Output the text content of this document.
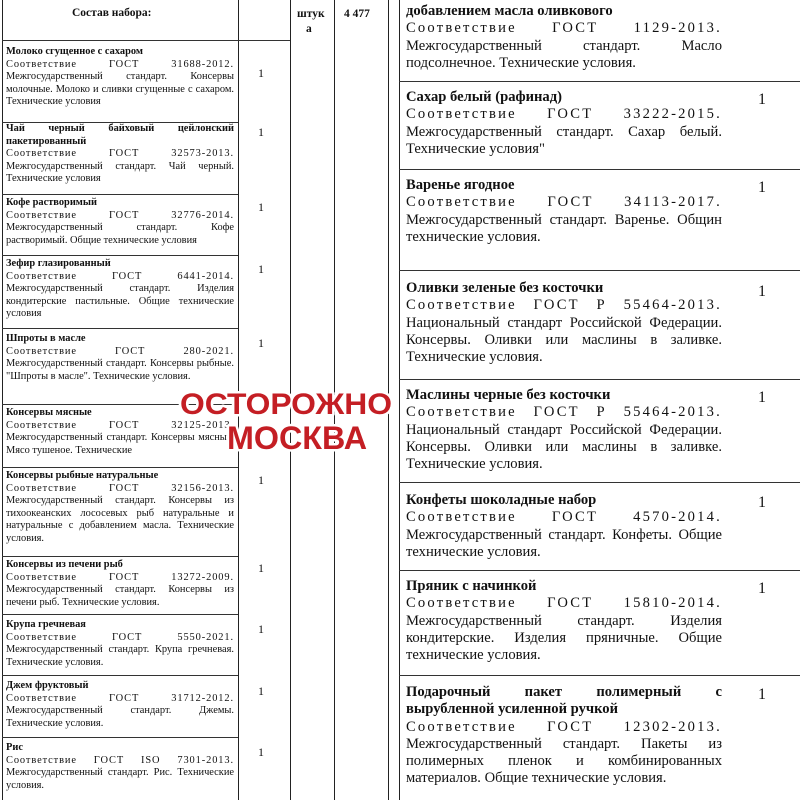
Состав набора:	штук
а
4 477
Молоко сгущенное с сахаром
Соответствие ГОСТ 31688-2012. Межгосударственный стандарт. Консервы молочные. Молоко и сливки сгущенные с сахаром. Технические условия
1
Чай черный байховый цейлонский пакетированный
Соответствие ГОСТ 32573-2013. Межгосударственный стандарт. Чай черный. Технические условия
1
Кофе растворимый
Соответствие ГОСТ 32776-2014. Межгосударственный стандарт. Кофе растворимый. Общие технические условия
1
Зефир глазированный
Соответствие ГОСТ 6441-2014. Межгосударственный стандарт. Изделия кондитерские пастильные. Общие технические условия
1
Шпроты в масле
Соответствие ГОСТ 280-2021. Межгосударственный стандарт. Консервы рыбные. "Шпроты в масле". Технические условия.
1
Консервы мясные
Соответствие ГОСТ 32125-2013. Межгосударственный стандарт. Консервы мясные. Мясо тушеное. Технические
Консервы рыбные натуральные
Соответствие ГОСТ 32156-2013. Межгосударственный стандарт. Консервы из тихоокеанских лососевых рыб натуральные и натуральные с добавлением масла. Технические условия.
1
Консервы из печени рыб
Соответствие ГОСТ 13272-2009. Межгосударственный стандарт. Консервы из печени рыб. Технические условия.
1
Крупа гречневая
Соответствие ГОСТ 5550-2021. Межгосударственный стандарт. Крупа гречневая. Технические условия.
1
Джем фруктовый
Соответствие ГОСТ 31712-2012. Межгосударственный стандарт. Джемы. Технические условия.
1
Рис
Соответствие ГОСТ ISO 7301-2013. Межгосударственный стандарт. Рис. Технические условия.
1
добавлением масла оливкового
Соответствие ГОСТ 1129-2013. Межгосударственный стандарт. Масло подсолнечное. Технические условия.
Сахар белый (рафинад)
Соответствие ГОСТ 33222-2015. Межгосударственный стандарт. Сахар белый. Технические условия"
1
Варенье ягодное
Соответствие ГОСТ 34113-2017. Межгосударственный стандарт. Варенье. Общин технические условия.
1
Оливки зеленые без косточки
Соответствие ГОСТ Р 55464-2013. Национальный стандарт Российской Федерации. Консервы. Оливки или маслины в заливке. Технические условия.
1
Маслины черные без косточки
Соответствие ГОСТ Р 55464-2013. Национальный стандарт Российской Федерации. Консервы. Оливки или маслины в заливке. Технические условия.
1
Конфеты шоколадные набор
Соответствие ГОСТ 4570-2014. Межгосударственный стандарт. Конфеты. Общие технические условия.
1
Пряник с начинкой
Соответствие ГОСТ 15810-2014. Межгосударственный стандарт. Изделия кондитерские. Изделия пряничные. Общие технические условия.
1
Подарочный пакет полимерный с вырубленной усиленной ручкой
Соответствие ГОСТ 12302-2013. Межгосударственный стандарт. Пакеты из полимерных пленок и комбинированных материалов. Общие технические условия.
1
ОСТОРОЖНО
МОСКВА
